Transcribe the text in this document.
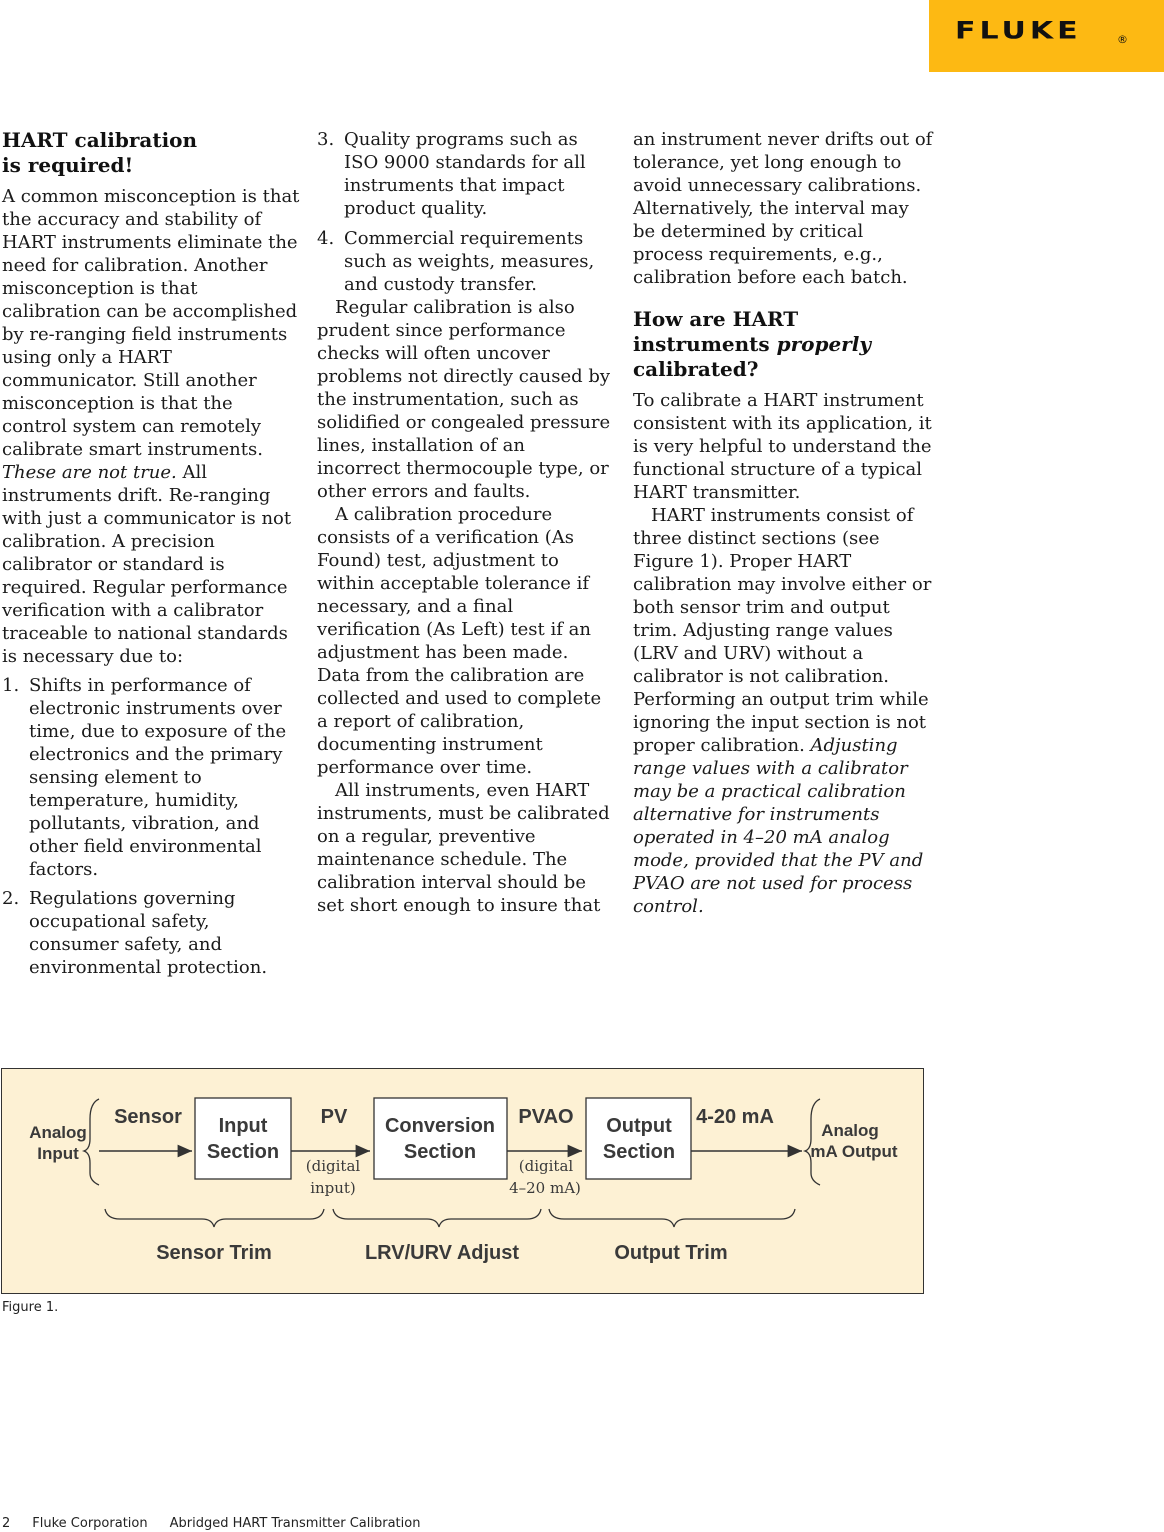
FLUKE	®
HART calibration
is required!

A common misconception is that the accuracy and stability of HART instruments eliminate the need for calibration. Another misconception is that calibration can be accomplished by re-ranging field instruments using only a HART communicator. Still another misconception is that the control system can remotely calibrate smart instruments. These are not true. All instruments drift. Re-ranging with just a communicator is not calibration. A precision calibrator or standard is required. Regular performance verification with a calibrator traceable to national standards is necessary due to:

1. Shifts in performance of electronic instruments over time, due to exposure of the electronics and the primary sensing element to temperature, humidity, pollutants, vibration, and other field environmental factors.
2. Regulations governing occupational safety, consumer safety, and environmental protection.
3. Quality programs such as ISO 9000 standards for all instruments that impact product quality.
4. Commercial requirements such as weights, measures, and custody transfer.

Regular calibration is also prudent since performance checks will often uncover problems not directly caused by the instrumentation, such as solidified or congealed pressure lines, installation of an incorrect thermocouple type, or other errors and faults.

A calibration procedure consists of a verification (As Found) test, adjustment to within acceptable tolerance if necessary, and a final verification (As Left) test if an adjustment has been made. Data from the calibration are collected and used to complete a report of calibration, documenting instrument performance over time.

All instruments, even HART instruments, must be calibrated on a regular, preventive maintenance schedule. The calibration interval should be set short enough to insure that

an instrument never drifts out of tolerance, yet long enough to avoid unnecessary calibrations. Alternatively, the interval may be determined by critical process requirements, e.g., calibration before each batch.

How are HART instruments properly calibrated?

To calibrate a HART instrument consistent with its application, it is very helpful to understand the functional structure of a typical HART transmitter.

HART instruments consist of three distinct sections (see Figure 1). Proper HART calibration may involve either or both sensor trim and output trim. Adjusting range values (LRV and URV) without a calibrator is not calibration. Performing an output trim while ignoring the input section is not proper calibration. Adjusting range values with a calibrator may be a practical calibration alternative for instruments operated in 4–20 mA analog mode, provided that the PV and PVAO are not used for process control.

Analog
Input
Sensor Input
Section
PV
(digital
input)
Conversion
Section
PVAO
(digital
4–20 mA)
Output
Section
4-20 mA
Analog
mA Output
Sensor Trim	LRV/URV Adjust	Output Trim
Figure 1.
2 Fluke Corporation Abridged HART Transmitter Calibration
